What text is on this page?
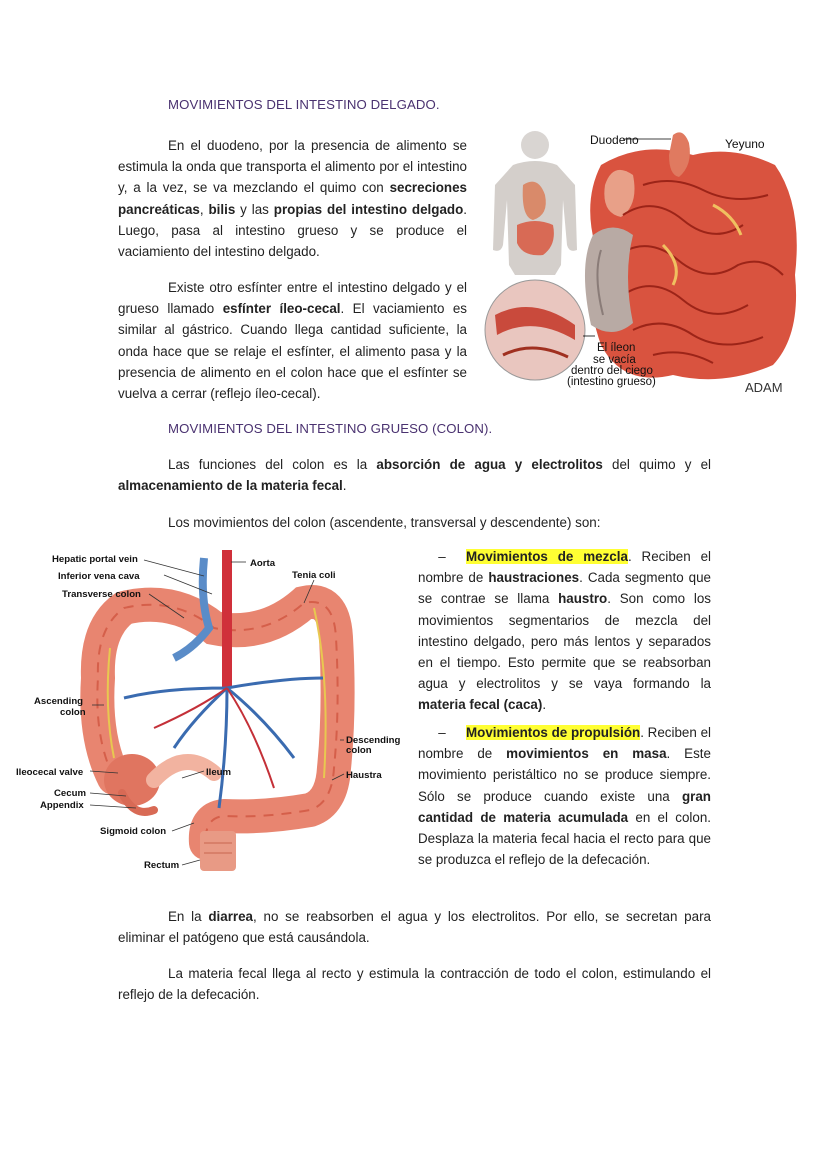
MOVIMIENTOS DEL INTESTINO DELGADO.

En el duodeno, por la presencia de alimento se estimula la onda que transporta el alimento por el intestino y, a la vez, se va mezclando el quimo con secreciones pancreáticas, bilis y las propias del intestino delgado. Luego, pasa al intestino grueso y se produce el vaciamiento del intestino delgado.

Existe otro esfínter entre el intestino delgado y el grueso llamado esfínter íleo-cecal. El vaciamiento es similar al gástrico. Cuando llega cantidad suficiente, la onda hace que se relaje el esfínter, el alimento pasa y la presencia de alimento en el colon hace que el esfínter se vuelva a cerrar (reflejo íleo-cecal).

Duodeno	Yeyuno
El íleon
se vacía
dentro del ciego
(intestino grueso)	ADAM
MOVIMIENTOS DEL INTESTINO GRUESO (COLON).

Las funciones del colon es la absorción de agua y electrolitos del quimo y el almacenamiento de la materia fecal.

Los movimientos del colon (ascendente, transversal y descendente) son:

– Movimientos de mezcla. Reciben el nombre de haustraciones. Cada segmento que se contrae se llama haustro. Son como los movimientos segmentarios de mezcla del intestino delgado, pero más lentos y separados en el tiempo. Esto permite que se reabsorban agua y electrolitos y se vaya formando la materia fecal (caca).

– Movimientos de propulsión. Reciben el nombre de movimientos en masa. Este movimiento peristáltico no se produce siempre. Sólo se produce cuando existe una gran cantidad de materia acumulada en el colon. Desplaza la materia fecal hacia el recto para que se produzca el reflejo de la defecación.

Hepatic portal vein
Inferior vena cava
Transverse colon
Aorta
Tenia coli
Ascending
colon
Descending
colon
Ileocecal valve	Ileum	Haustra
Cecum
Appendix
Sigmoid colon
Rectum

En la diarrea, no se reabsorben el agua y los electrolitos. Por ello, se secretan para eliminar el patógeno que está causándola.

La materia fecal llega al recto y estimula la contracción de todo el colon, estimulando el reflejo de la defecación.
